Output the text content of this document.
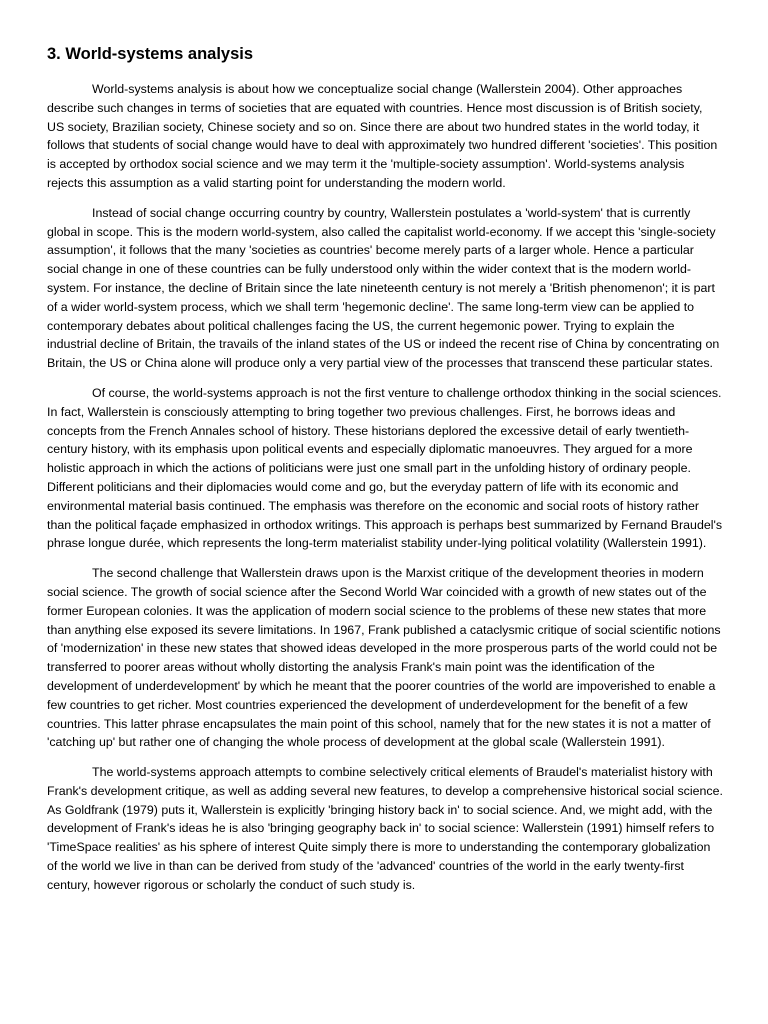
3. World-systems analysis

World-systems analysis is about how we conceptualize social change (Wallerstein 2004). Other approaches describe such changes in terms of societies that are equated with countries. Hence most discussion is of British society, US society, Brazilian society, Chinese society and so on. Since there are about two hundred states in the world today, it follows that students of social change would have to deal with approximately two hundred different 'societies'. This position is accepted by orthodox social science and we may term it the 'multiple-society assumption'. World-systems analysis rejects this assumption as a valid starting point for understanding the modern world.

Instead of social change occurring country by country, Wallerstein postulates a 'world-system' that is currently global in scope. This is the modern world-system, also called the capitalist world-economy. If we accept this 'single-society assumption', it follows that the many 'societies as countries' become merely parts of a larger whole. Hence a particular social change in one of these countries can be fully understood only within the wider context that is the modern world-system. For instance, the decline of Britain since the late nineteenth century is not merely a 'British phenomenon'; it is part of a wider world-system process, which we shall term 'hegemonic decline'. The same long-term view can be applied to contemporary debates about political challenges facing the US, the current hegemonic power. Trying to explain the industrial decline of Britain, the travails of the inland states of the US or indeed the recent rise of China by concentrating on Britain, the US or China alone will produce only a very partial view of the processes that transcend these particular states.

Of course, the world-systems approach is not the first venture to challenge orthodox thinking in the social sciences. In fact, Wallerstein is consciously attempting to bring together two previous challenges. First, he borrows ideas and concepts from the French Annales school of history. These historians deplored the excessive detail of early twentieth-century history, with its emphasis upon political events and especially diplomatic manoeuvres. They argued for a more holistic approach in which the actions of politicians were just one small part in the unfolding history of ordinary people. Different politicians and their diplomacies would come and go, but the everyday pattern of life with its economic and environmental material basis continued. The emphasis was therefore on the economic and social roots of history rather than the political façade emphasized in orthodox writings. This approach is perhaps best summarized by Fernand Braudel's phrase longue durée, which represents the long-term materialist stability under-lying political volatility (Wallerstein 1991).

The second challenge that Wallerstein draws upon is the Marxist critique of the development theories in modern social science. The growth of social science after the Second World War coincided with a growth of new states out of the former European colonies. It was the application of modern social science to the problems of these new states that more than anything else exposed its severe limitations. In 1967, Frank published a cataclysmic critique of social scientific notions of 'modernization' in these new states that showed ideas developed in the more prosperous parts of the world could not be transferred to poorer areas without wholly distorting the analysis Frank's main point was the identification of the development of underdevelopment' by which he meant that the poorer countries of the world are impoverished to enable a few countries to get richer. Most countries experienced the development of underdevelopment for the benefit of a few countries. This latter phrase encapsulates the main point of this school, namely that for the new states it is not a matter of 'catching up' but rather one of changing the whole process of development at the global scale (Wallerstein 1991).

The world-systems approach attempts to combine selectively critical elements of Braudel's materialist history with Frank's development critique, as well as adding several new features, to develop a comprehensive historical social science. As Goldfrank (1979) puts it, Wallerstein is explicitly 'bringing history back in' to social science. And, we might add, with the development of Frank's ideas he is also 'bringing geography back in' to social science: Wallerstein (1991) himself refers to 'TimeSpace realities' as his sphere of interest Quite simply there is more to understanding the contemporary globalization of the world we live in than can be derived from study of the 'advanced' countries of the world in the early twenty-first century, however rigorous or scholarly the conduct of such study is.
